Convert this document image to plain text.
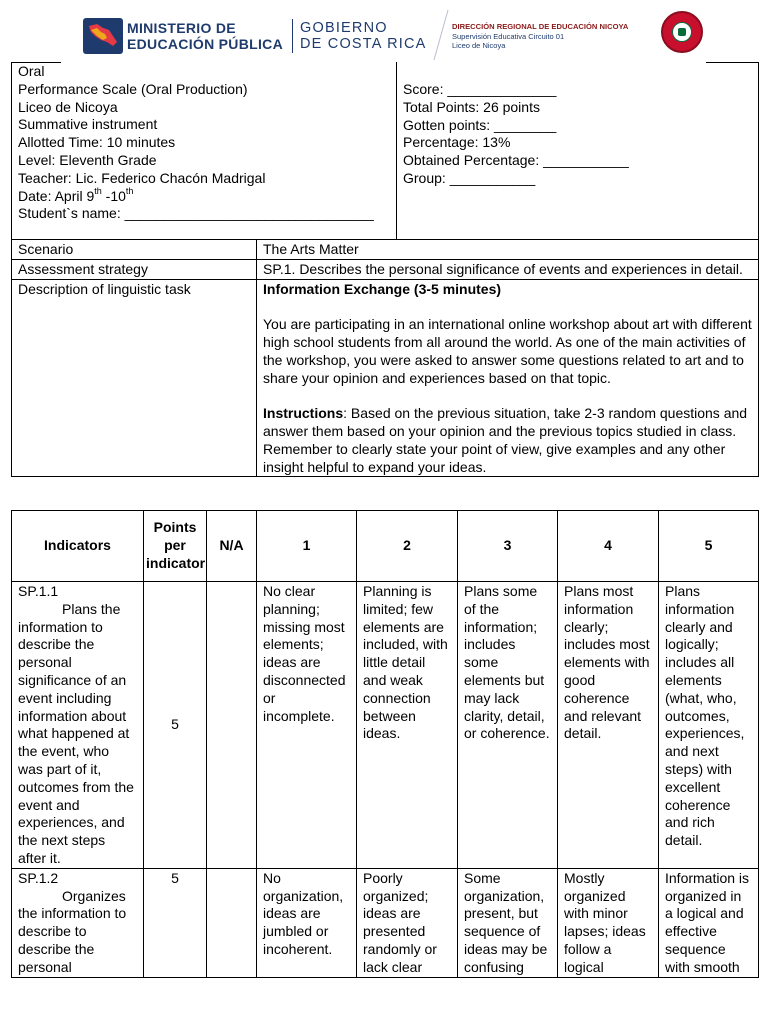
MINISTERIO DE
EDUCACIÓN PÚBLICA
GOBIERNO
DE COSTA RICA
DIRECCIÓN REGIONAL DE EDUCACIÓN NICOYA
Supervisión Educativa Circuito 01
Liceo de Nicoya
Oral
Performance Scale (Oral Production)
Liceo de Nicoya
Summative instrument
Allotted Time: 10 minutes
Level: Eleventh Grade
Teacher: Lic. Federico Chacón Madrigal
Date: April 9th -10th
Student`s name: ________________________________

Score: ______________
Total Points: 26 points
Gotten points: ________
Percentage: 13%
Obtained Percentage: ___________
Group: ___________
Scenario	The Arts Matter
Assessment strategy	SP.1. Describes the personal significance of events and experiences in detail.
Description of linguistic task	Information Exchange (3-5 minutes)
You are participating in an international online workshop about art with different high school students from all around the world. As one of the main activities of the workshop, you were asked to answer some questions related to art and to share your opinion and experiences based on that topic.
Instructions: Based on the previous situation, take 2-3 random questions and answer them based on your opinion and the previous topics studied in class. Remember to clearly state your point of view, give examples and any other insight helpful to expand your ideas.
Indicators	Points per indicator	N/A	1	2	3	4	5

SP.1.1
Plans the information to describe the personal significance of an event including information about what happened at the event, who was part of it, outcomes from the event and experiences, and the next steps after it.	5		No clear planning; missing most elements; ideas are disconnected or incomplete.	Planning is limited; few elements are included, with little detail and weak connection between ideas.	Plans some of the information; includes some elements but may lack clarity, detail, or coherence.	Plans most information clearly; includes most elements with good coherence and relevant detail.	Plans information clearly and logically; includes all elements (what, who, outcomes, experiences, and next steps) with excellent coherence and rich detail.

SP.1.2
Organizes the information to describe to describe the personal	5		No organization, ideas are jumbled or incoherent.	Poorly organized; ideas are presented randomly or lack clear	Some organization, present, but sequence of ideas may be confusing	Mostly organized with minor lapses; ideas follow a logical	Information is organized in a logical and effective sequence with smooth
